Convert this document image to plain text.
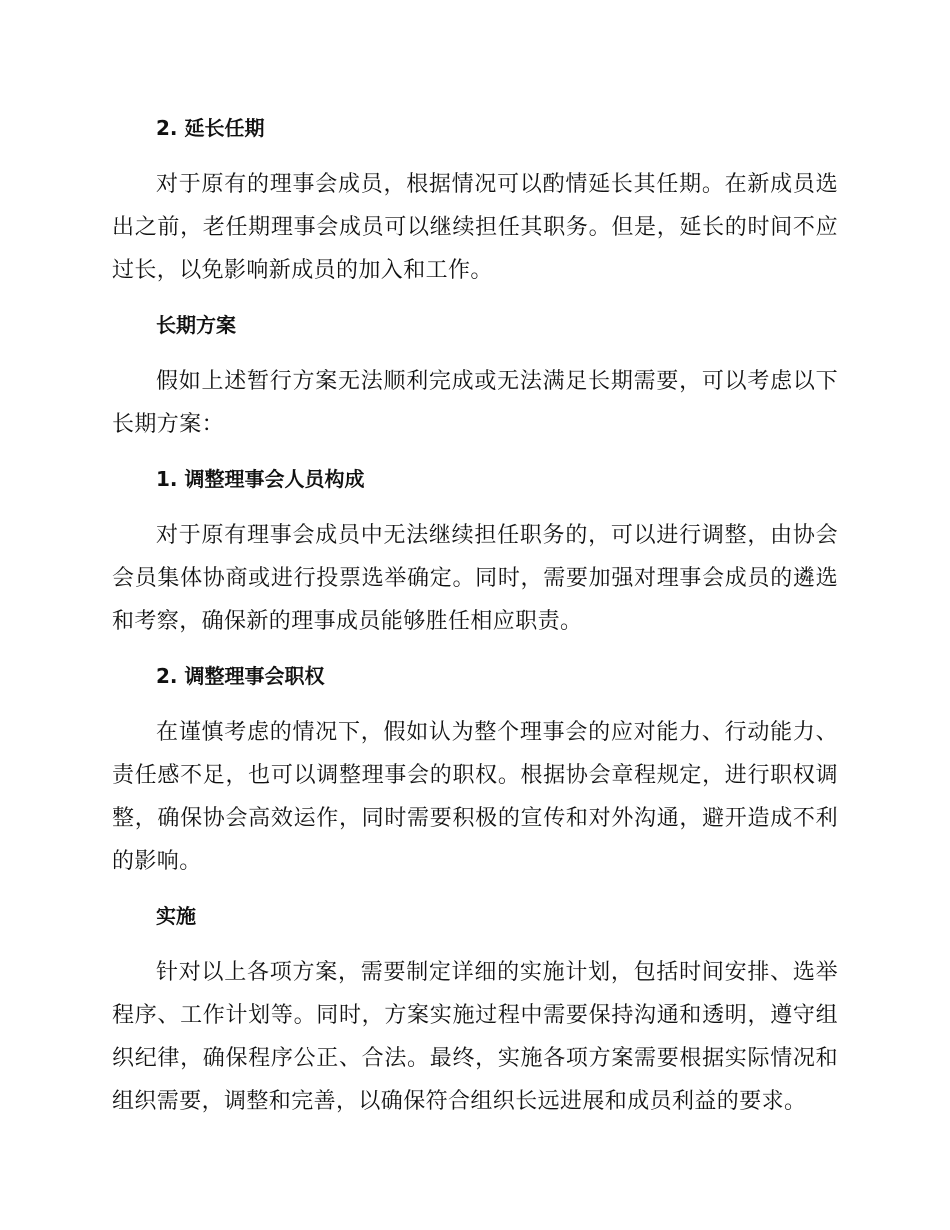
2. 延长任期

对于原有的理事会成员，根据情况可以酌情延长其任期。在新成员选出之前，老任期理事会成员可以继续担任其职务。但是，延长的时间不应过长，以免影响新成员的加入和工作。

长期方案

假如上述暂行方案无法顺利完成或无法满足长期需要，可以考虑以下长期方案：

1. 调整理事会人员构成

对于原有理事会成员中无法继续担任职务的，可以进行调整，由协会会员集体协商或进行投票选举确定。同时，需要加强对理事会成员的遴选和考察，确保新的理事成员能够胜任相应职责。

2. 调整理事会职权

在谨慎考虑的情况下，假如认为整个理事会的应对能力、行动能力、责任感不足，也可以调整理事会的职权。根据协会章程规定，进行职权调整，确保协会高效运作，同时需要积极的宣传和对外沟通，避开造成不利的影响。

实施

针对以上各项方案，需要制定详细的实施计划，包括时间安排、选举程序、工作计划等。同时，方案实施过程中需要保持沟通和透明，遵守组织纪律，确保程序公正、合法。最终，实施各项方案需要根据实际情况和组织需要，调整和完善，以确保符合组织长远进展和成员利益的要求。
